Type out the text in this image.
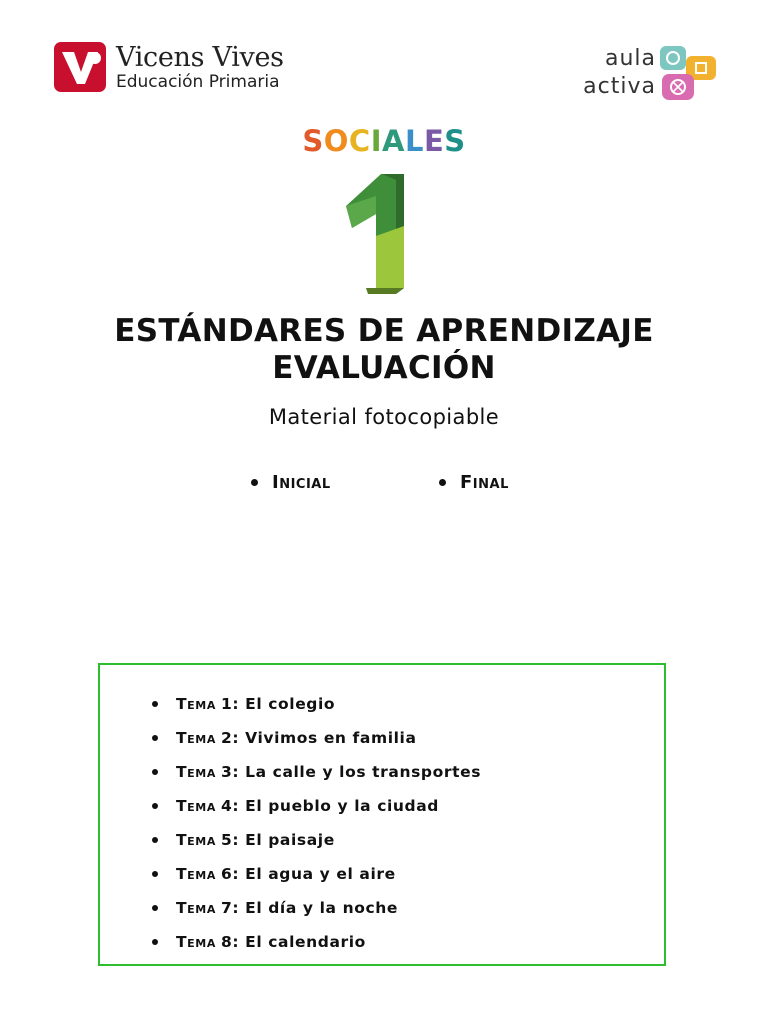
Vicens Vives
Educación Primaria
aula
activa
SOCIALES
ESTÁNDARES DE APRENDIZAJE
EVALUACIÓN
Material fotocopiable
Inicial	Final
Tema 1:
El colegio
Tema 2:
Vivimos en familia
Tema 3:
La calle y los transportes
Tema 4:
El pueblo y la ciudad
Tema 5:
El paisaje
Tema 6:
El agua y el aire
Tema 7:
El día y la noche
Tema 8:
El calendario
